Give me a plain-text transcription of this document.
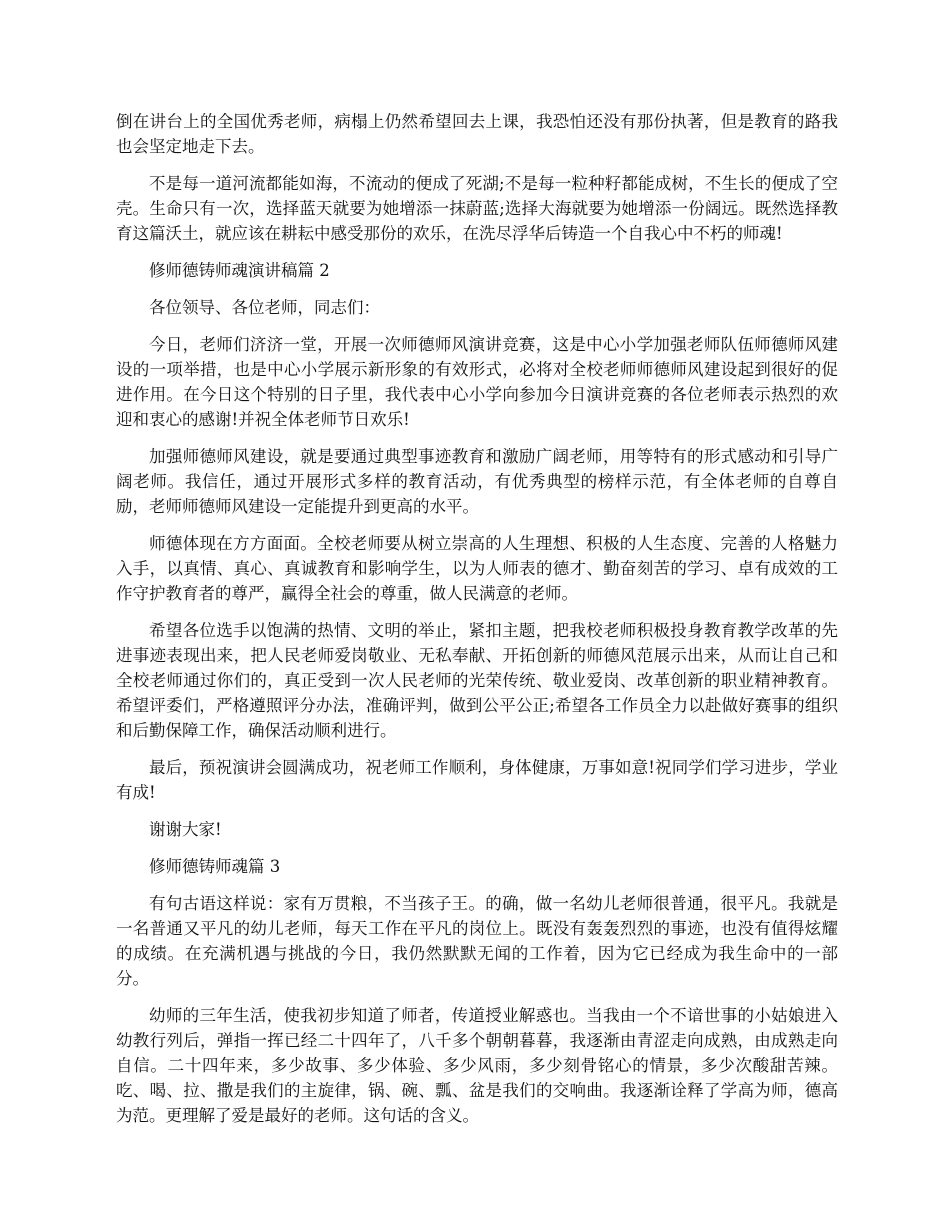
倒在讲台上的全国优秀老师，病榻上仍然希望回去上课，我恐怕还没有那份执著，但是教育的路我也会坚定地走下去。

不是每一道河流都能如海，不流动的便成了死湖;不是每一粒种籽都能成树，不生长的便成了空壳。生命只有一次，选择蓝天就要为她增添一抹蔚蓝;选择大海就要为她增添一份阔远。既然选择教育这篇沃土，就应该在耕耘中感受那份的欢乐，在洗尽浮华后铸造一个自我心中不朽的师魂!

修师德铸师魂演讲稿篇 2

各位领导、各位老师，同志们：

今日，老师们济济一堂，开展一次师德师风演讲竞赛，这是中心小学加强老师队伍师德师风建设的一项举措，也是中心小学展示新形象的有效形式，必将对全校老师师德师风建设起到很好的促进作用。在今日这个特别的日子里，我代表中心小学向参加今日演讲竞赛的各位老师表示热烈的欢迎和衷心的感谢!并祝全体老师节日欢乐!

加强师德师风建设，就是要通过典型事迹教育和激励广阔老师，用等特有的形式感动和引导广阔老师。我信任，通过开展形式多样的教育活动，有优秀典型的榜样示范，有全体老师的自尊自励，老师师德师风建设一定能提升到更高的水平。

师德体现在方方面面。全校老师要从树立崇高的人生理想、积极的人生态度、完善的人格魅力入手，以真情、真心、真诚教育和影响学生，以为人师表的德才、勤奋刻苦的学习、卓有成效的工作守护教育者的尊严，赢得全社会的尊重，做人民满意的老师。

希望各位选手以饱满的热情、文明的举止，紧扣主题，把我校老师积极投身教育教学改革的先进事迹表现出来，把人民老师爱岗敬业、无私奉献、开拓创新的师德风范展示出来，从而让自己和全校老师通过你们的，真正受到一次人民老师的光荣传统、敬业爱岗、改革创新的职业精神教育。希望评委们，严格遵照评分办法，准确评判，做到公平公正;希望各工作员全力以赴做好赛事的组织和后勤保障工作，确保活动顺利进行。

最后，预祝演讲会圆满成功，祝老师工作顺利，身体健康，万事如意!祝同学们学习进步，学业有成!

谢谢大家!

修师德铸师魂篇 3

有句古语这样说：家有万贯粮，不当孩子王。的确，做一名幼儿老师很普通，很平凡。我就是一名普通又平凡的幼儿老师，每天工作在平凡的岗位上。既没有轰轰烈烈的事迹，也没有值得炫耀的成绩。在充满机遇与挑战的今日，我仍然默默无闻的工作着，因为它已经成为我生命中的一部分。

幼师的三年生活，使我初步知道了师者，传道授业解惑也。当我由一个不谙世事的小姑娘进入幼教行列后，弹指一挥已经二十四年了，八千多个朝朝暮暮，我逐渐由青涩走向成熟，由成熟走向自信。二十四年来，多少故事、多少体验、多少风雨，多少刻骨铭心的情景，多少次酸甜苦辣。吃、喝、拉、撒是我们的主旋律，锅、碗、瓢、盆是我们的交响曲。我逐渐诠释了学高为师，德高为范。更理解了爱是最好的老师。这句话的含义。
